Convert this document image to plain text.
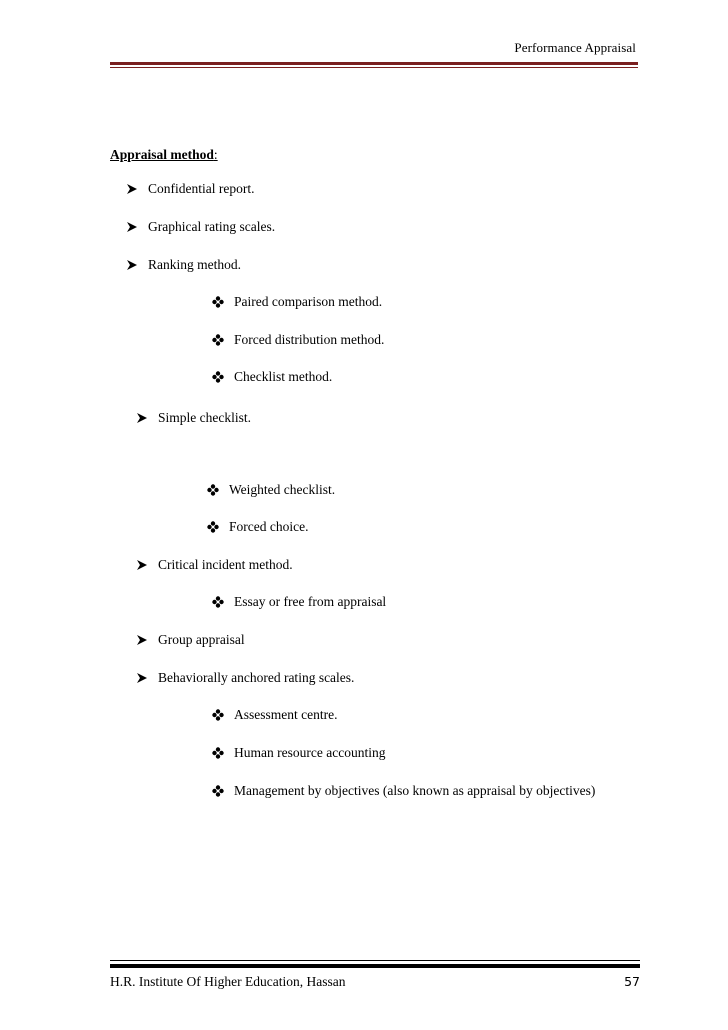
Performance Appraisal
Appraisal method:
Confidential report.
Graphical rating scales.
Ranking method.
Paired comparison method.
Forced distribution method.
Checklist method.
Simple checklist.
Weighted checklist.
Forced choice.
Critical incident method.
Essay or free from appraisal
Group appraisal
Behaviorally anchored rating scales.
Assessment centre.
Human resource accounting
Management by objectives (also known as appraisal by objectives)
H.R. Institute Of Higher Education, Hassan	57
